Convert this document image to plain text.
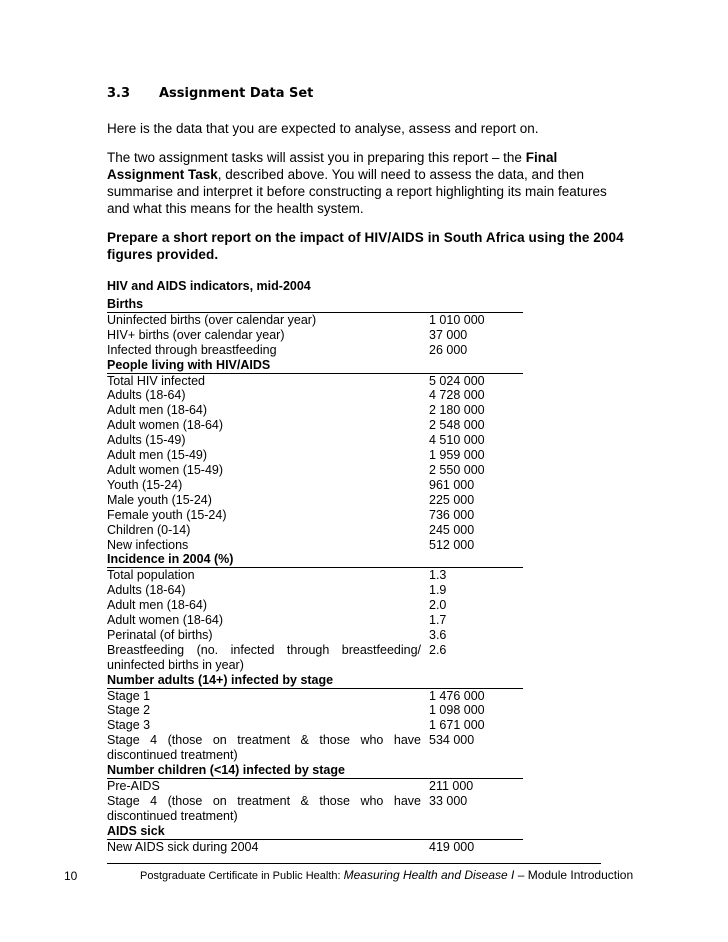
3.3 Assignment Data Set

Here is the data that you are expected to analyse, assess and report on.

The two assignment tasks will assist you in preparing this report – the Final Assignment Task, described above. You will need to assess the data, and then summarise and interpret it before constructing a report highlighting its main features and what this means for the health system.

Prepare a short report on the impact of HIV/AIDS in South Africa using the 2004 figures provided.

HIV and AIDS indicators, mid-2004
Births	
Uninfected births (over calendar year)	1 010 000
HIV+ births (over calendar year)	37 000
Infected through breastfeeding	26 000
People living with HIV/AIDS	
Total HIV infected	5 024 000
Adults (18-64)	4 728 000
Adult men (18-64)	2 180 000
Adult women (18-64)	2 548 000
Adults (15-49)	4 510 000
Adult men (15-49)	1 959 000
Adult women (15-49)	2 550 000
Youth (15-24)	961 000
Male youth (15-24)	225 000
Female youth (15-24)	736 000
Children (0-14)	245 000
New infections	512 000
Incidence in 2004 (%)	
Total population	1.3
Adults (18-64)	1.9
Adult men (18-64)	2.0
Adult women (18-64)	1.7
Perinatal (of births)	3.6
Breastfeeding (no. infected through breastfeeding/ uninfected births in year)	2.6
Number adults (14+) infected by stage	
Stage 1	1 476 000
Stage 2	1 098 000
Stage 3	1 671 000
Stage 4 (those on treatment & those who have discontinued treatment)	534 000
Number children (<14) infected by stage	
Pre-AIDS	211 000
Stage 4 (those on treatment & those who have discontinued treatment)	33 000
AIDS sick	
New AIDS sick during 2004	419 000
10	Postgraduate Certificate in Public Health: Measuring Health and Disease I – Module Introduction
